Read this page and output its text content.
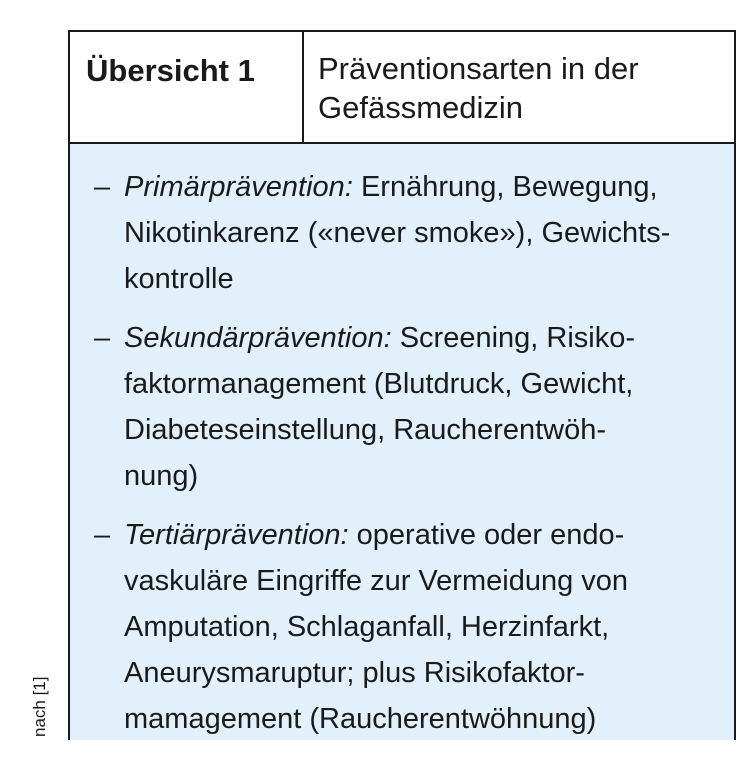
Übersicht 1	Präventionsarten in der
Gefässmedizin
– Primärprävention: Ernährung, Bewegung,
Nikotinkarenz («never smoke»), Gewichts-
kontrolle
– Sekundärprävention: Screening, Risiko-
faktormanagement (Blutdruck, Gewicht,
Diabeteseinstellung, Raucherentwöh-
nung)
– Tertiärprävention: operative oder endo-
vaskuläre Eingriffe zur Vermeidung von
Amputation, Schlaganfall, Herzinfarkt,
Aneurysmaruptur; plus Risikofaktor-
mamagement (Raucherentwöhnung)
nach [1]
